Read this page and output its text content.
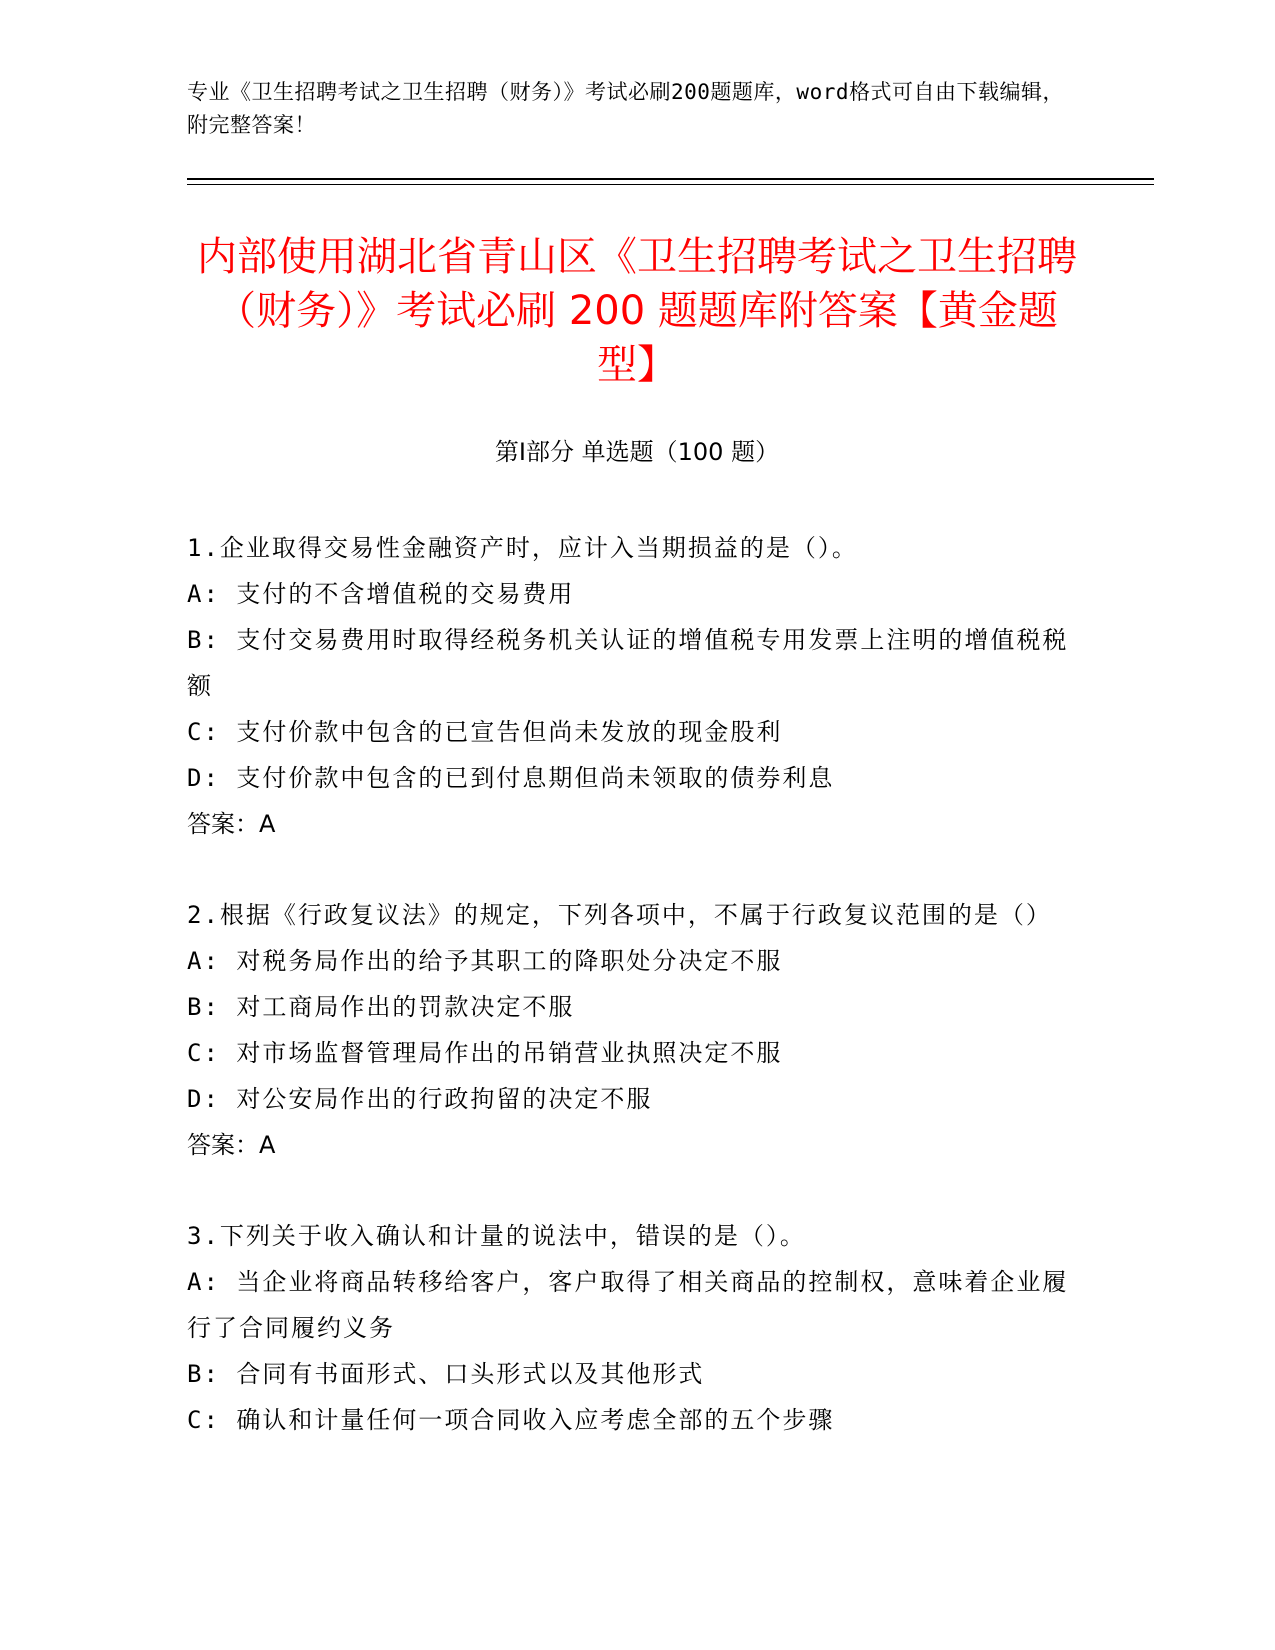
专业《卫生招聘考试之卫生招聘（财务）》考试必刷200题题库，word格式可自由下载编辑，附完整答案！
内部使用湖北省青山区《卫生招聘考试之卫生招聘（财务）》考试必刷 200 题题库附答案【黄金题型】
第Ⅰ部分 单选题（100 题）
1.企业取得交易性金融资产时，应计入当期损益的是（）。
A: 支付的不含增值税的交易费用
B: 支付交易费用时取得经税务机关认证的增值税专用发票上注明的增值税税额
C: 支付价款中包含的已宣告但尚未发放的现金股利
D: 支付价款中包含的已到付息期但尚未领取的债券利息
答案：A
2.根据《行政复议法》的规定，下列各项中，不属于行政复议范围的是（）
A: 对税务局作出的给予其职工的降职处分决定不服
B: 对工商局作出的罚款决定不服
C: 对市场监督管理局作出的吊销营业执照决定不服
D: 对公安局作出的行政拘留的决定不服
答案：A
3.下列关于收入确认和计量的说法中，错误的是（）。
A: 当企业将商品转移给客户，客户取得了相关商品的控制权，意味着企业履行了合同履约义务
B: 合同有书面形式、口头形式以及其他形式
C: 确认和计量任何一项合同收入应考虑全部的五个步骤
